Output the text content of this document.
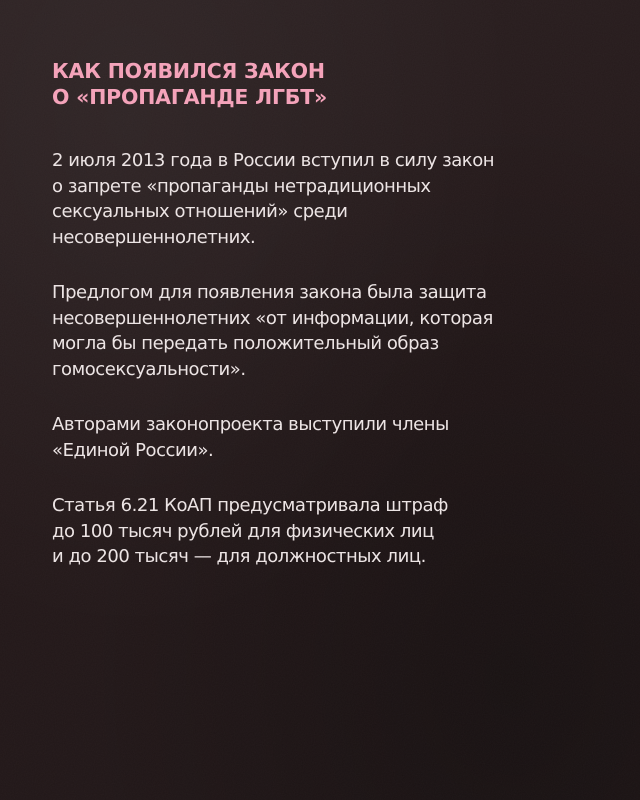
КАК ПОЯВИЛСЯ ЗАКОН
О «ПРОПАГАНДЕ ЛГБТ»

2 июля 2013 года в России вступил в силу закон
о запрете «пропаганды нетрадиционных
сексуальных отношений» среди
несовершеннолетних.

Предлогом для появления закона была защита
несовершеннолетних «от информации, которая
могла бы передать положительный образ
гомосексуальности».

Авторами законопроекта выступили члены
«Единой России».

Статья 6.21 КоАП предусматривала штраф
до 100 тысяч рублей для физических лиц
и до 200 тысяч — для должностных лиц.
